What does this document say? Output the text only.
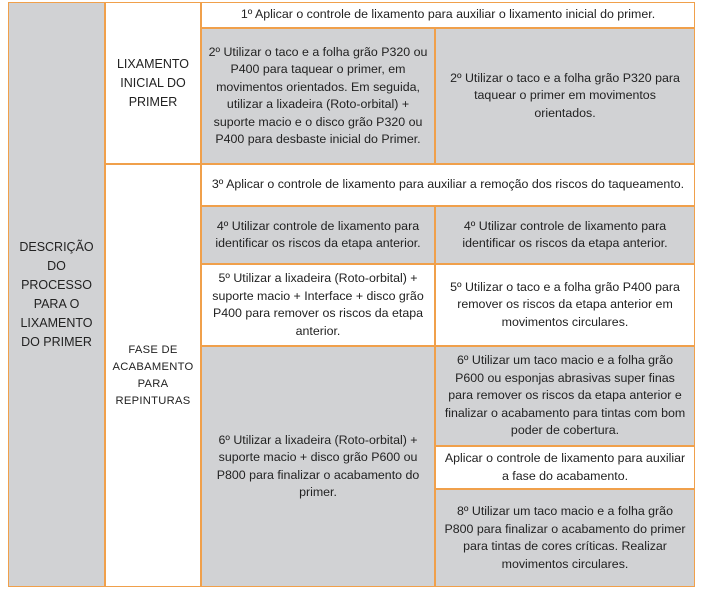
DESCRIÇÃO DO PROCESSO PARA O LIXAMENTO DO PRIMER
LIXAMENTO INICIAL DO PRIMER
FASE DE ACABAMENTO PARA REPINTURAS
1º Aplicar o controle de lixamento para auxiliar o lixamento inicial do primer.
2º Utilizar o taco e a folha grão P320 ou P400 para taquear o primer, em movimentos orientados. Em seguida, utilizar a lixadeira (Roto-orbital) + suporte macio e o disco grão P320 ou P400 para desbaste inicial do Primer.
2º Utilizar o taco e a folha grão P320 para taquear o primer em movimentos orientados.
3º Aplicar o controle de lixamento para auxiliar a remoção dos riscos do taqueamento.
4º Utilizar controle de lixamento para identificar os riscos da etapa anterior.
4º Utilizar controle de lixamento para identificar os riscos da etapa anterior.
5º Utilizar a lixadeira (Roto-orbital) + suporte macio + Interface + disco grão P400 para remover os riscos da etapa anterior.
5º Utilizar o taco e a folha grão P400 para remover os riscos da etapa anterior em movimentos circulares.
6º Utilizar a lixadeira (Roto-orbital) + suporte macio + disco grão P600 ou P800 para finalizar o acabamento do primer.
6º Utilizar um taco macio e a folha grão P600 ou esponjas abrasivas super finas para remover os riscos da etapa anterior e finalizar o acabamento para tintas com bom poder de cobertura.
Aplicar o controle de lixamento para auxiliar a fase do acabamento.
8º Utilizar um taco macio e a folha grão P800 para finalizar o acabamento do primer para tintas de cores críticas. Realizar movimentos circulares.
